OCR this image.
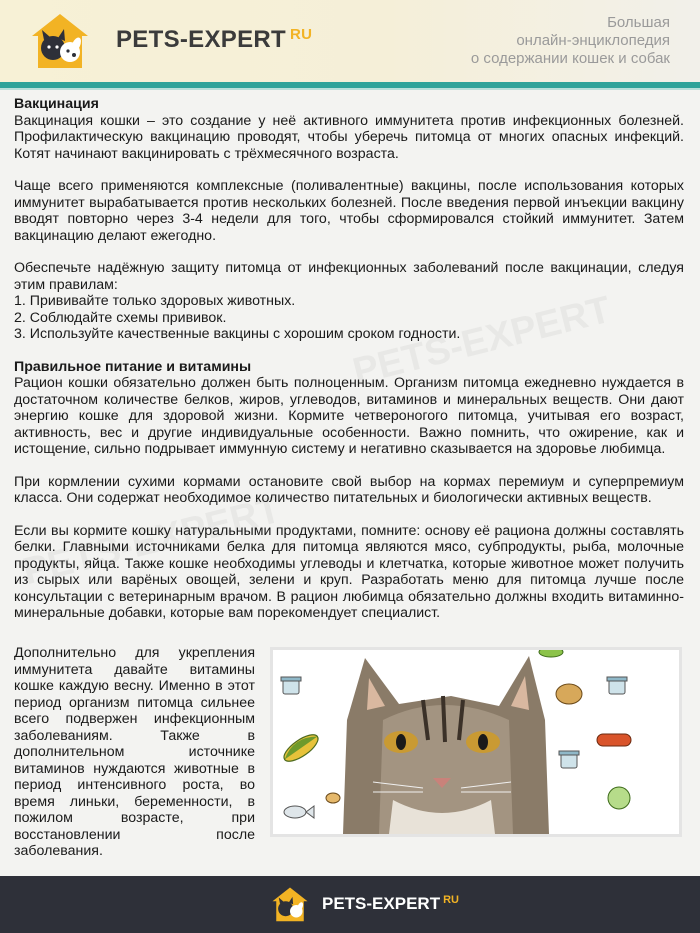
PETS-EXPERT $^{RU}$
Большая
онлайн-энциклопедия
о содержании кошек и собак
Вакцинация
Вакцинация кошки – это создание у неё активного иммунитета против инфекционных болезней. Профилактическую вакцинацию проводят, чтобы уберечь питомца от многих опасных инфекций. Котят начинают вакцинировать с трёхмесячного возраста.
Чаще всего применяются комплексные (поливалентные) вакцины, после использования которых иммунитет вырабатывается против нескольких болезней. После введения первой инъекции вакцину вводят повторно через 3-4 недели для того, чтобы сформировался стойкий иммунитет. Затем вакцинацию делают ежегодно.
Обеспечьте надёжную защиту питомца от инфекционных заболеваний после вакцинации, следуя этим правилам:
1. Прививайте только здоровых животных.
2. Соблюдайте схемы прививок.
3. Используйте качественные вакцины с хорошим сроком годности.
Правильное питание и витамины
Рацион кошки обязательно должен быть полноценным. Организм питомца ежедневно нуждается в достаточном количестве белков, жиров, углеводов, витаминов и минеральных веществ. Они дают энергию кошке для здоровой жизни. Кормите четвероногого питомца, учитывая его возраст, активность, вес и другие индивидуальные особенности. Важно помнить, что ожирение, как и истощение, сильно подрывает иммунную систему и негативно сказывается на здоровье любимца.
При кормлении сухими кормами остановите свой выбор на кормах перемиум и суперпремиум класса. Они содержат необходимое количество питательных и биологически активных веществ.
Если вы кормите кошку натуральными продуктами, помните: основу её рациона должны составлять белки. Главными источниками белка для питомца являются мясо, субпродукты, рыба, молочные продукты, яйца. Также кошке необходимы углеводы и клетчатка, которые животное может получить из сырых или варёных овощей, зелени и круп. Разработать меню для питомца лучше после консультации с ветеринарным врачом. В рацион любимца обязательно должны входить витаминно-минеральные добавки, которые вам порекомендует специалист.
Дополнительно для укрепления иммунитета давайте витамины кошке каждую весну. Именно в этот период организм питомца сильнее всего подвержен инфекционным заболеваниям. Также в дополнительном источнике витаминов нуждаются животные в период интенсивного роста, во время линьки, беременности, в пожилом возрасте, при восстановлении после заболевания.
PETS-EXPERT $^{RU}$
